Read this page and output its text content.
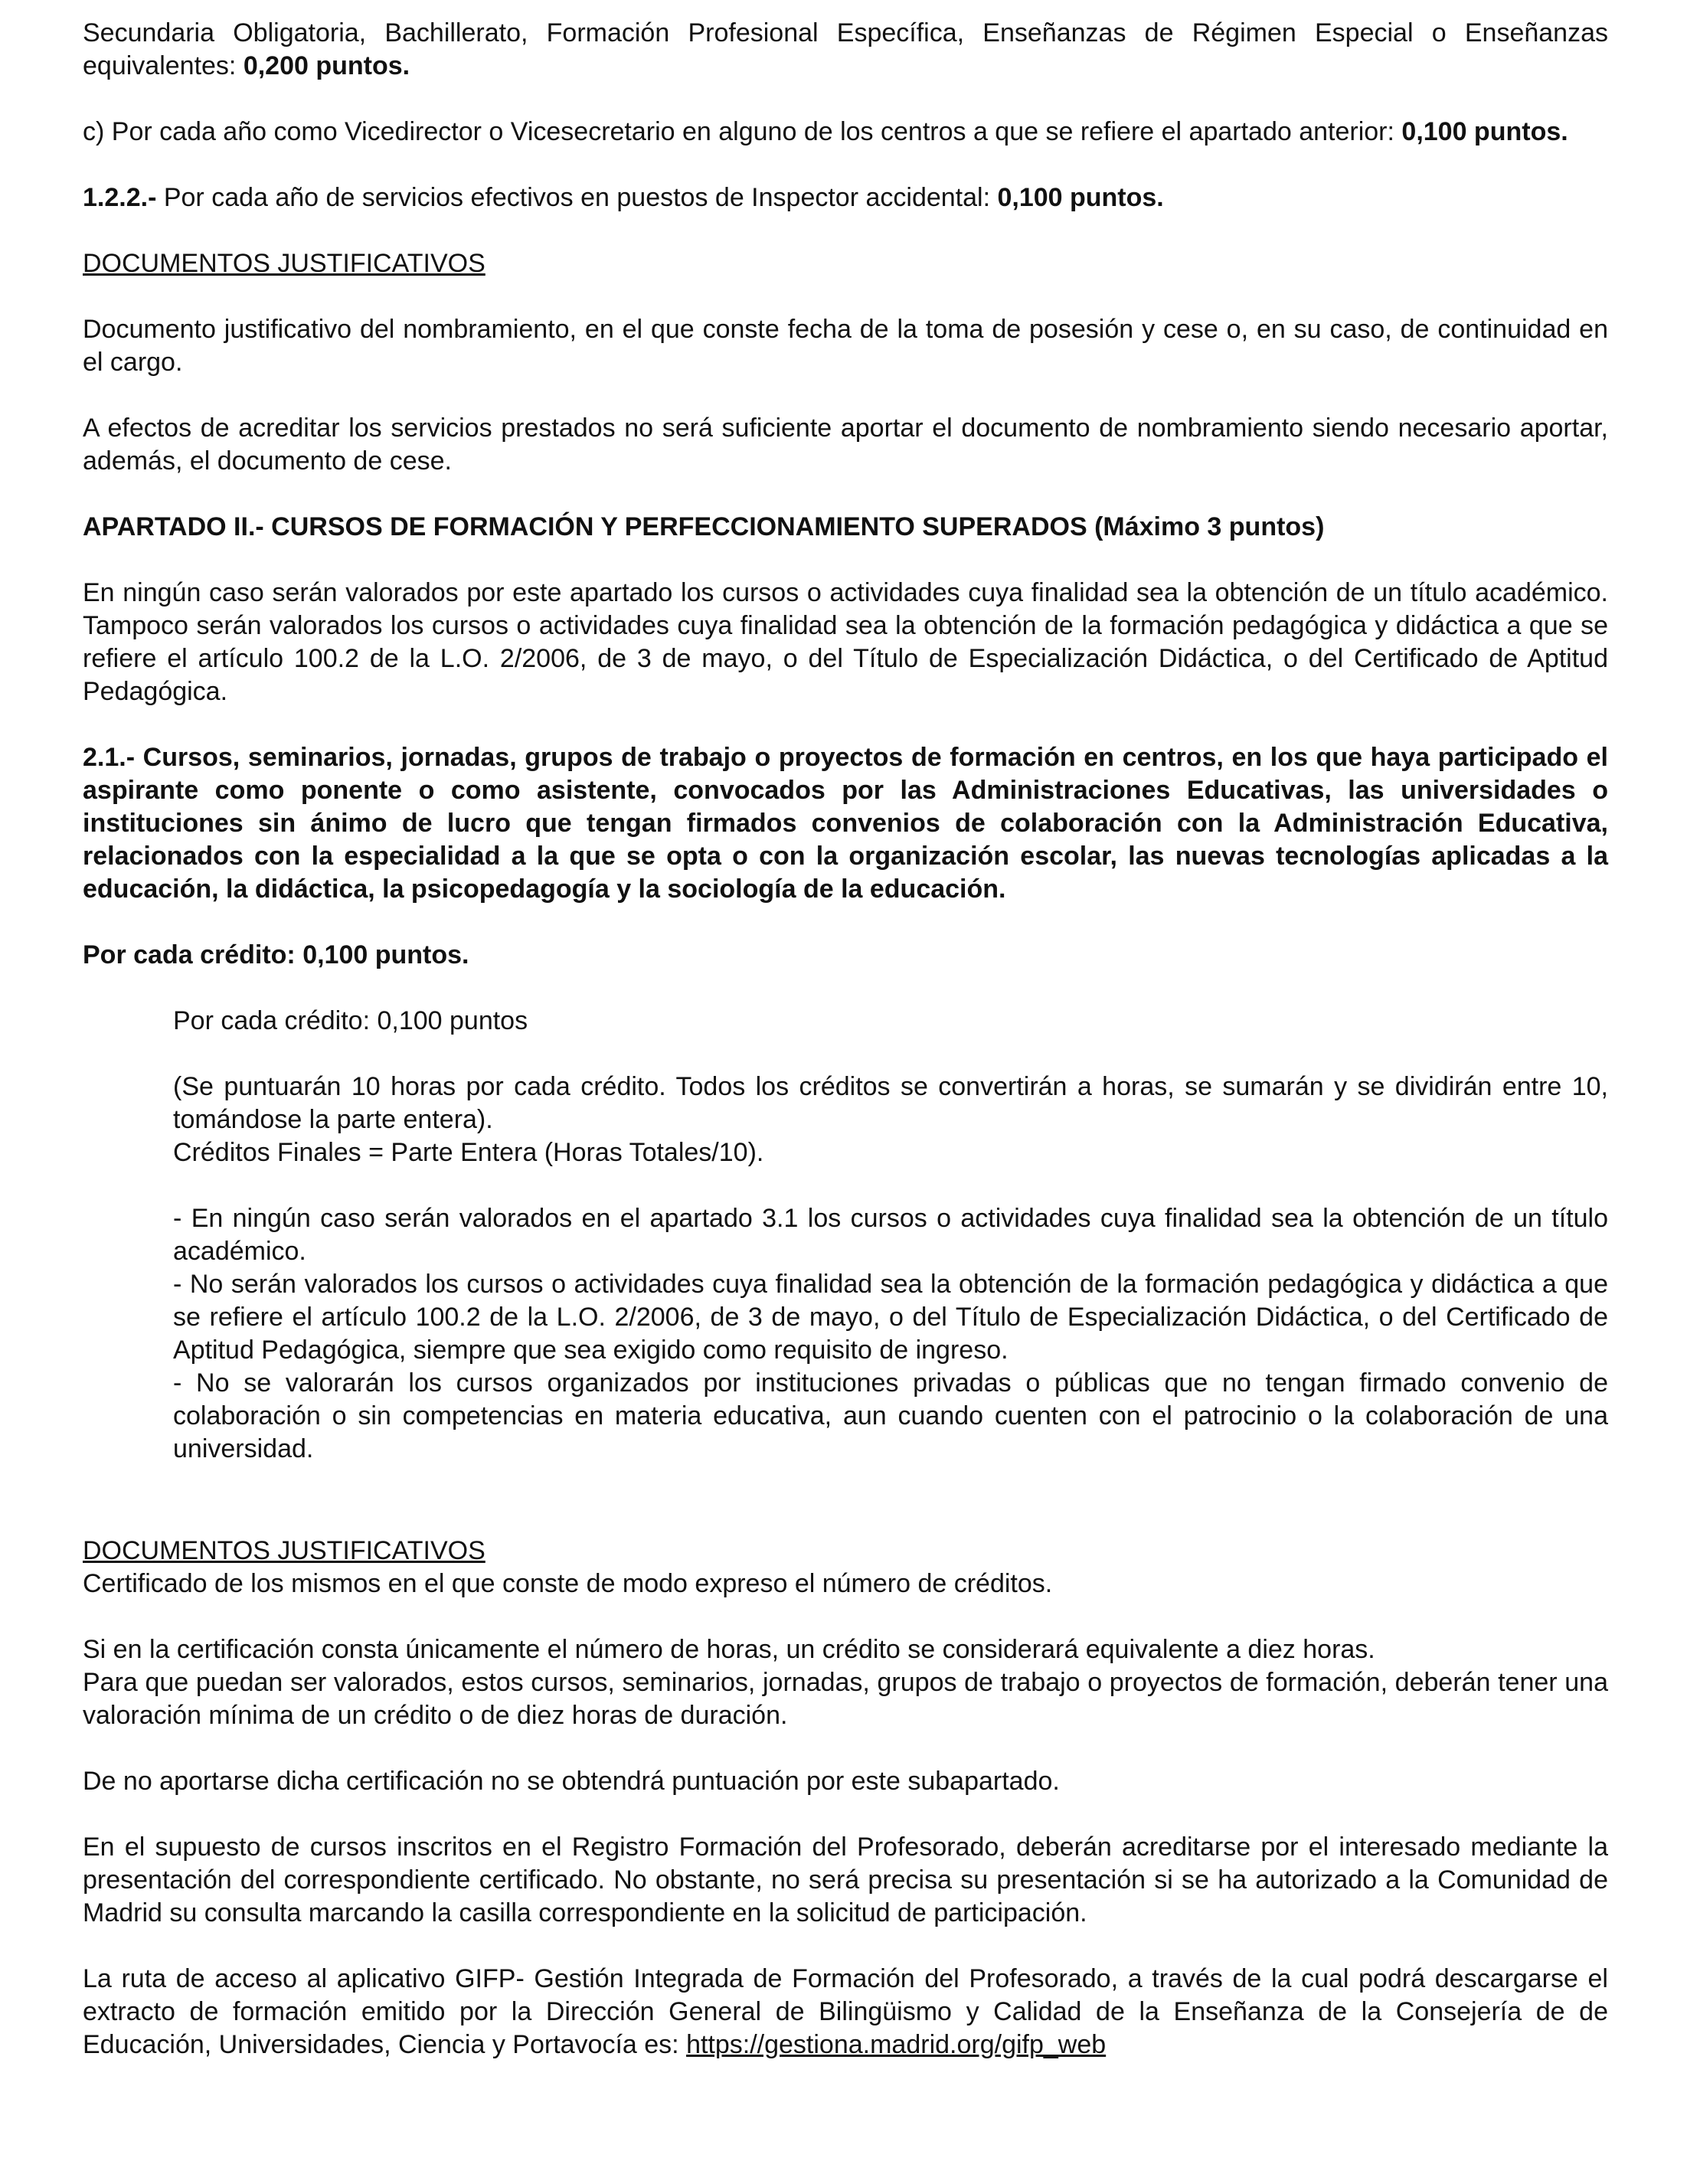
Secundaria Obligatoria, Bachillerato, Formación Profesional Específica, Enseñanzas de Régimen Especial o Enseñanzas equivalentes: 0,200 puntos.

c) Por cada año como Vicedirector o Vicesecretario en alguno de los centros a que se refiere el apartado anterior: 0,100 puntos.

1.2.2.- Por cada año de servicios efectivos en puestos de Inspector accidental: 0,100 puntos.

DOCUMENTOS JUSTIFICATIVOS

Documento justificativo del nombramiento, en el que conste fecha de la toma de posesión y cese o, en su caso, de continuidad en el cargo.

A efectos de acreditar los servicios prestados no será suficiente aportar el documento de nombramiento siendo necesario aportar, además, el documento de cese.

APARTADO II.- CURSOS DE FORMACIÓN Y PERFECCIONAMIENTO SUPERADOS (Máximo 3 puntos)

En ningún caso serán valorados por este apartado los cursos o actividades cuya finalidad sea la obtención de un título académico. Tampoco serán valorados los cursos o actividades cuya finalidad sea la obtención de la formación pedagógica y didáctica a que se refiere el artículo 100.2 de la L.O. 2/2006, de 3 de mayo, o del Título de Especialización Didáctica, o del Certificado de Aptitud Pedagógica.

2.1.- Cursos, seminarios, jornadas, grupos de trabajo o proyectos de formación en centros, en los que haya participado el aspirante como ponente o como asistente, convocados por las Administraciones Educativas, las universidades o instituciones sin ánimo de lucro que tengan firmados convenios de colaboración con la Administración Educativa, relacionados con la especialidad a la que se opta o con la organización escolar, las nuevas tecnologías aplicadas a la educación, la didáctica, la psicopedagogía y la sociología de la educación.

Por cada crédito: 0,100 puntos.

Por cada crédito: 0,100 puntos

(Se puntuarán 10 horas por cada crédito. Todos los créditos se convertirán a horas, se sumarán y se dividirán entre 10, tomándose la parte entera).
Créditos Finales = Parte Entera (Horas Totales/10).

- En ningún caso serán valorados en el apartado 3.1 los cursos o actividades cuya finalidad sea la obtención de un título académico.
- No serán valorados los cursos o actividades cuya finalidad sea la obtención de la formación pedagógica y didáctica a que se refiere el artículo 100.2 de la L.O. 2/2006, de 3 de mayo, o del Título de Especialización Didáctica, o del Certificado de Aptitud Pedagógica, siempre que sea exigido como requisito de ingreso.
- No se valorarán los cursos organizados por instituciones privadas o públicas que no tengan firmado convenio de colaboración o sin competencias en materia educativa, aun cuando cuenten con el patrocinio o la colaboración de una universidad.

DOCUMENTOS JUSTIFICATIVOS

Certificado de los mismos en el que conste de modo expreso el número de créditos.

Si en la certificación consta únicamente el número de horas, un crédito se considerará equivalente a diez horas.
Para que puedan ser valorados, estos cursos, seminarios, jornadas, grupos de trabajo o proyectos de formación, deberán tener una valoración mínima de un crédito o de diez horas de duración.

De no aportarse dicha certificación no se obtendrá puntuación por este subapartado.

En el supuesto de cursos inscritos en el Registro Formación del Profesorado, deberán acreditarse por el interesado mediante la presentación del correspondiente certificado. No obstante, no será precisa su presentación si se ha autorizado a la Comunidad de Madrid su consulta marcando la casilla correspondiente en la solicitud de participación.

La ruta de acceso al aplicativo GIFP- Gestión Integrada de Formación del Profesorado, a través de la cual podrá descargarse el extracto de formación emitido por la Dirección General de Bilingüismo y Calidad de la Enseñanza de la Consejería de de Educación, Universidades, Ciencia y Portavocía es: https://gestiona.madrid.org/gifp_web
